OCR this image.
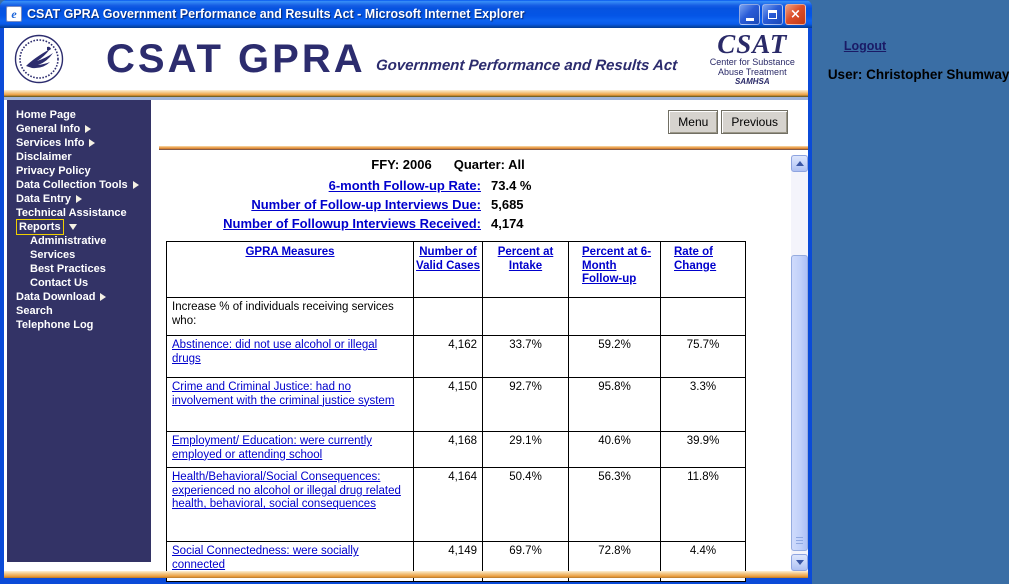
e CSAT GPRA Government Performance and Results Act - Microsoft Internet Explorer	×
CSAT GPRA Government Performance and Results Act
CSAT
Center for Substance
Abuse Treatment
SAMHSA
Logout
User: Christopher Shumway
Home Page
General Info
Services Info
Disclaimer
Privacy Policy
Data Collection Tools
Data Entry
Technical Assistance
Reports
Administrative
Services
Best Practices
Contact Us
Data Download
Search
Telephone Log
Menu	Previous
FFY: 2006 Quarter: All
6-month Follow-up Rate: 73.4 %
Number of Follow-up Interviews Due: 5,685
Number of Followup Interviews Received: 4,174
GPRA Measures	Number of Valid Cases	Percent at Intake	Percent at 6-Month Follow-up	Rate of Change
Increase % of individuals receiving services who:				
Abstinence: did not use alcohol or illegal drugs	4,162	33.7%	59.2%	75.7%
Crime and Criminal Justice: had no involvement with the criminal justice system	4,150	92.7%	95.8%	3.3%
Employment/ Education: were currently employed or attending school	4,168	29.1%	40.6%	39.9%
Health/Behavioral/Social Consequences: experienced no alcohol or illegal drug related health, behavioral, social consequences	4,164	50.4%	56.3%	11.8%
Social Connectedness: were socially connected	4,149	69.7%	72.8%	4.4%
